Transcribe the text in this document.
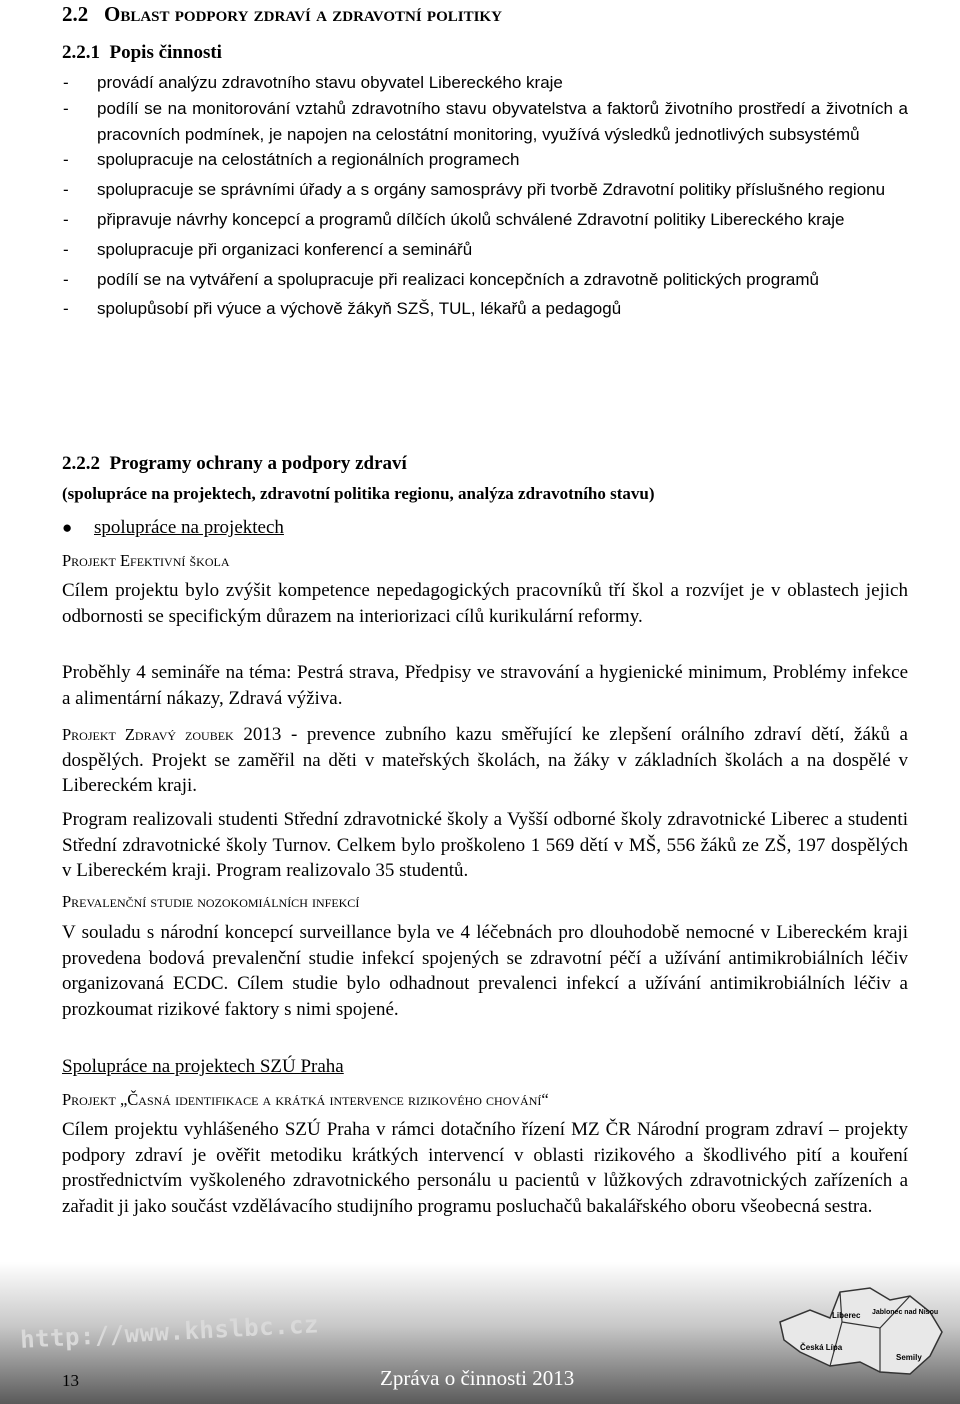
2.2 Oblast podpory zdraví a zdravotní politiky
2.2.1 Popis činnosti
-	provádí analýzu zdravotního stavu obyvatel Libereckého kraje
-	podílí se na monitorování vztahů zdravotního stavu obyvatelstva a faktorů životního prostředí a životních a pracovních podmínek, je napojen na celostátní monitoring, využívá výsledků jednotlivých subsystémů
-	spolupracuje na celostátních a regionálních programech
-	spolupracuje se správními úřady a s orgány samosprávy při tvorbě Zdravotní politiky příslušného regionu
-	připravuje návrhy koncepcí a programů dílčích úkolů schválené Zdravotní politiky Libereckého kraje
-	spolupracuje při organizaci konferencí a seminářů
-	podílí se na vytváření a spolupracuje při realizaci koncepčních a zdravotně politických programů
-	spolupůsobí při výuce a výchově žákyň SZŠ, TUL, lékařů a pedagogů
2.2.2 Programy ochrany a podpory zdraví
(spolupráce na projektech, zdravotní politika regionu, analýza zdravotního stavu)
● spolupráce na projektech
Projekt Efektivní škola
Cílem projektu bylo zvýšit kompetence nepedagogických pracovníků tří škol a rozvíjet je v oblastech jejich odbornosti se specifickým důrazem na interiorizaci cílů kurikulární reformy.
Proběhly 4 semináře na téma: Pestrá strava, Předpisy ve stravování a hygienické minimum, Problémy infekce a alimentární nákazy, Zdravá výživa.
Projekt Zdravý zoubek 2013 - prevence zubního kazu směřující ke zlepšení orálního zdraví dětí, žáků a dospělých. Projekt se zaměřil na děti v mateřských školách, na žáky v základních školách a na dospělé v Libereckém kraji.
Program realizovali studenti Střední zdravotnické školy a Vyšší odborné školy zdravotnické Liberec a studenti Střední zdravotnické školy Turnov. Celkem bylo proškoleno 1 569 dětí v MŠ, 556 žáků ze ZŠ, 197 dospělých v Libereckém kraji. Program realizovalo 35 studentů.
Prevalenční studie nozokomiálních infekcí
V souladu s národní koncepcí surveillance byla ve 4 léčebnách pro dlouhodobě nemocné v Libereckém kraji provedena bodová prevalenční studie infekcí spojených se zdravotní péčí a užívání antimikrobiálních léčiv organizovaná ECDC. Cílem studie bylo odhadnout prevalenci infekcí a užívání antimikrobiálních léčiv a prozkoumat rizikové faktory s nimi spojené.
Spolupráce na projektech SZÚ Praha
Projekt „Časná identifikace a krátká intervence rizikového chování“
Cílem projektu vyhlášeného SZÚ Praha v rámci dotačního řízení MZ ČR Národní program zdraví – projekty podpory zdraví je ověřit metodiku krátkých intervencí v oblasti rizikového a škodlivého pití a kouření prostřednictvím vyškoleného zdravotnického personálu u pacientů v lůžkových zdravotnických zařízeních a zařadit ji jako součást vzdělávacího studijního programu posluchačů bakalářského oboru všeobecná sestra.
http://www.khslbc.cz	Liberec Jablonec nad Nisou
Česká Lípa
Semily
13	Zpráva o činnosti 2013
